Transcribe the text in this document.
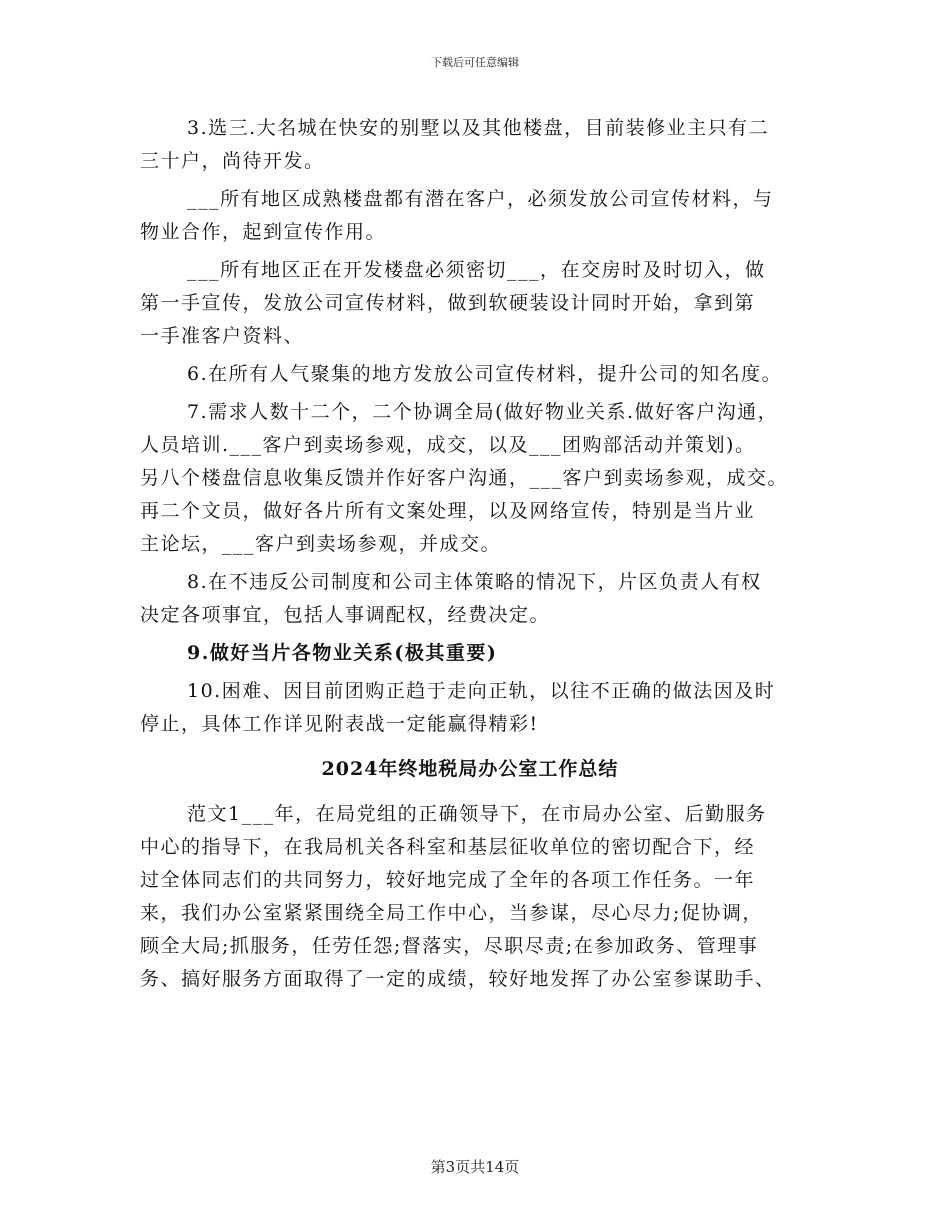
下载后可任意编辑
3.选三.大名城在快安的别墅以及其他楼盘，目前装修业主只有二
三十户，尚待开发。
___所有地区成熟楼盘都有潜在客户，必须发放公司宣传材料，与
物业合作，起到宣传作用。
___所有地区正在开发楼盘必须密切___，在交房时及时切入，做
第一手宣传，发放公司宣传材料，做到软硬装设计同时开始，拿到第
一手准客户资料、
6.在所有人气聚集的地方发放公司宣传材料，提升公司的知名度。
7.需求人数十二个，二个协调全局(做好物业关系.做好客户沟通，
人员培训.___客户到卖场参观，成交，以及___团购部活动并策划)。
另八个楼盘信息收集反馈并作好客户沟通，___客户到卖场参观，成交。
再二个文员，做好各片所有文案处理，以及网络宣传，特别是当片业
主论坛，___客户到卖场参观，并成交。
8.在不违反公司制度和公司主体策略的情况下，片区负责人有权
决定各项事宜，包括人事调配权，经费决定。
9.做好当片各物业关系(极其重要)
10.困难、因目前团购正趋于走向正轨，以往不正确的做法因及时
停止，具体工作详见附表战一定能赢得精彩!
2024年终地税局办公室工作总结
范文1___年，在局党组的正确领导下，在市局办公室、后勤服务
中心的指导下，在我局机关各科室和基层征收单位的密切配合下，经
过全体同志们的共同努力，较好地完成了全年的各项工作任务。一年
来，我们办公室紧紧围绕全局工作中心，当参谋，尽心尽力;促协调，
顾全大局;抓服务，任劳任怨;督落实，尽职尽责;在参加政务、管理事
务、搞好服务方面取得了一定的成绩，较好地发挥了办公室参谋助手、
第3页共14页
